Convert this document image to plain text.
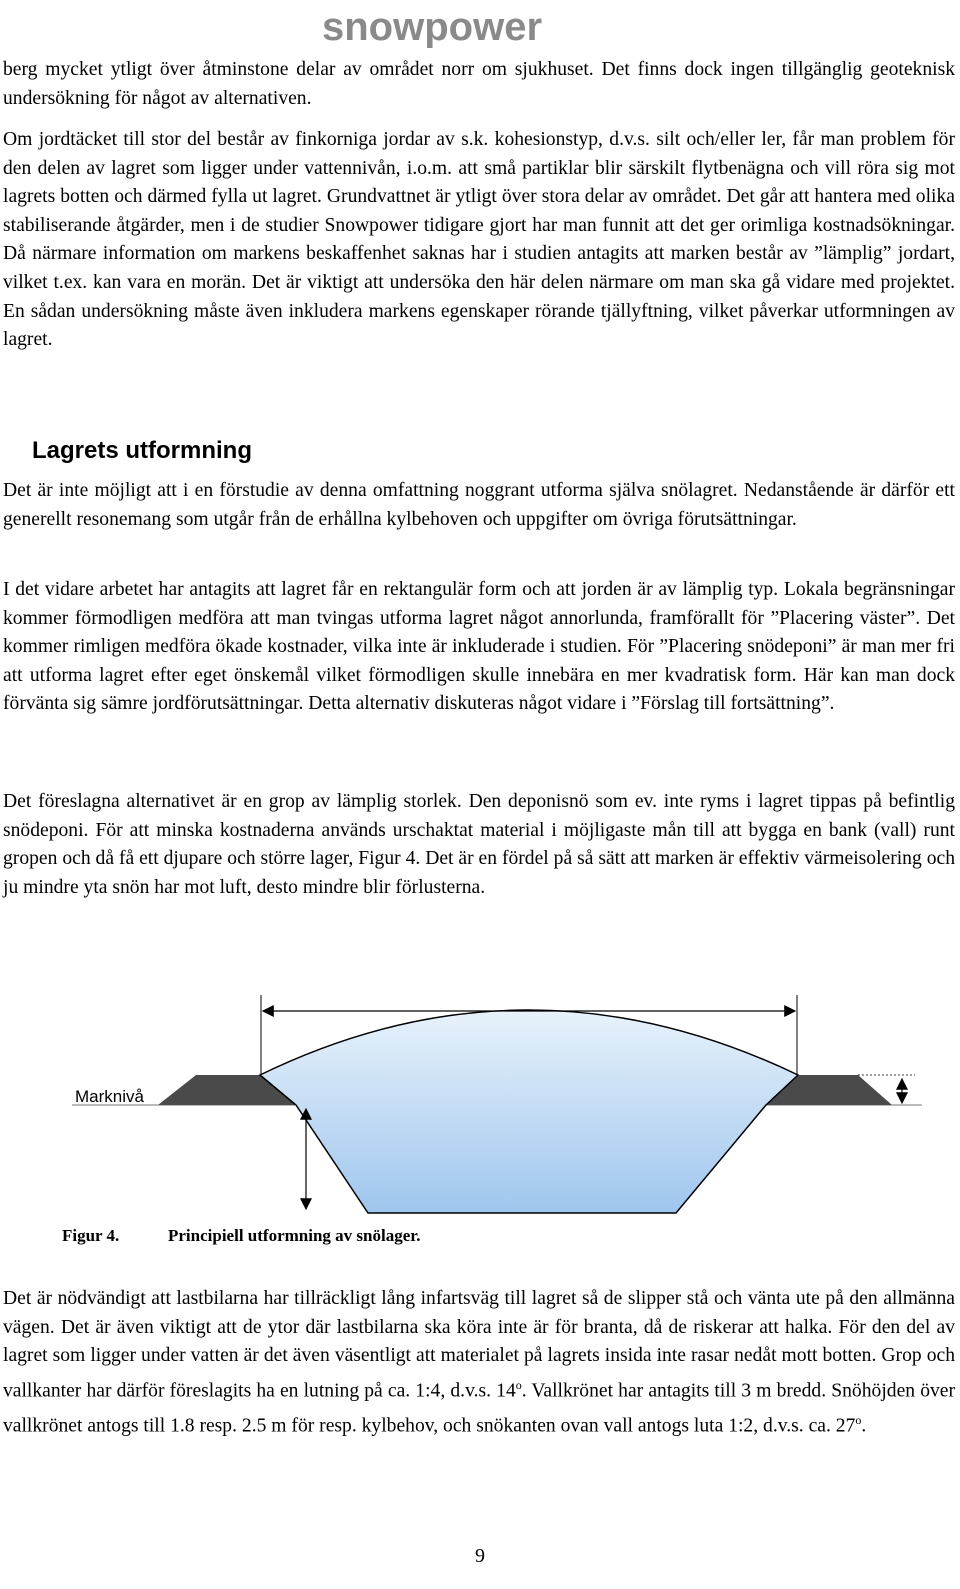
snowpower

berg mycket ytligt över åtminstone delar av området norr om sjukhuset. Det finns dock ingen tillgänglig geoteknisk undersökning för något av alternativen.

Om jordtäcket till stor del består av finkorniga jordar av s.k. kohesionstyp, d.v.s. silt och/eller ler, får man problem för den delen av lagret som ligger under vattennivån, i.o.m. att små partiklar blir särskilt flytbenägna och vill röra sig mot lagrets botten och därmed fylla ut lagret. Grundvattnet är ytligt över stora delar av området. Det går att hantera med olika stabiliserande åtgärder, men i de studier Snowpower tidigare gjort har man funnit att det ger orimliga kostnadsökningar. Då närmare information om markens beskaffenhet saknas har i studien antagits att marken består av ”lämplig” jordart, vilket t.ex. kan vara en morän. Det är viktigt att undersöka den här delen närmare om man ska gå vidare med projektet. En sådan undersökning måste även inkludera markens egenskaper rörande tjällyftning, vilket påverkar utformningen av lagret.

Lagrets utformning

Det är inte möjligt att i en förstudie av denna omfattning noggrant utforma själva snölagret. Nedanstående är därför ett generellt resonemang som utgår från de erhållna kylbehoven och uppgifter om övriga förutsättningar.

I det vidare arbetet har antagits att lagret får en rektangulär form och att jorden är av lämplig typ. Lokala begränsningar kommer förmodligen medföra att man tvingas utforma lagret något annorlunda, framförallt för ”Placering väster”. Det kommer rimligen medföra ökade kostnader, vilka inte är inkluderade i studien. För ”Placering snödeponi” är man mer fri att utforma lagret efter eget önskemål vilket förmodligen skulle innebära en mer kvadratisk form. Här kan man dock förvänta sig sämre jordförutsättningar. Detta alternativ diskuteras något vidare i ”Förslag till fortsättning”.

Det föreslagna alternativet är en grop av lämplig storlek. Den deponisnö som ev. inte ryms i lagret tippas på befintlig snödeponi. För att minska kostnaderna används urschaktat material i möjligaste mån till att bygga en bank (vall) runt gropen och då få ett djupare och större lager, Figur 4. Det är en fördel på så sätt att marken är effektiv värmeisolering och ju mindre yta snön har mot luft, desto mindre blir förlusterna.

Marknivå
Figur 4.	Principiell utformning av snölager.

Det är nödvändigt att lastbilarna har tillräckligt lång infartsväg till lagret så de slipper stå och vänta ute på den allmänna vägen. Det är även viktigt att de ytor där lastbilarna ska köra inte är för branta, då de riskerar att halka. För den del av lagret som ligger under vatten är det även väsentligt att materialet på lagrets insida inte rasar nedåt mott botten. Grop och vallkanter har därför föreslagits ha en lutning på ca. 1:4, d.v.s. 14$^o$. Vallkrönet har antagits till 3 m bredd. Snöhöjden över vallkrönet antogs till 1.8 resp. 2.5 m för resp. kylbehov, och snökanten ovan vall antogs luta 1:2, d.v.s. ca. 27$^o$.

9
